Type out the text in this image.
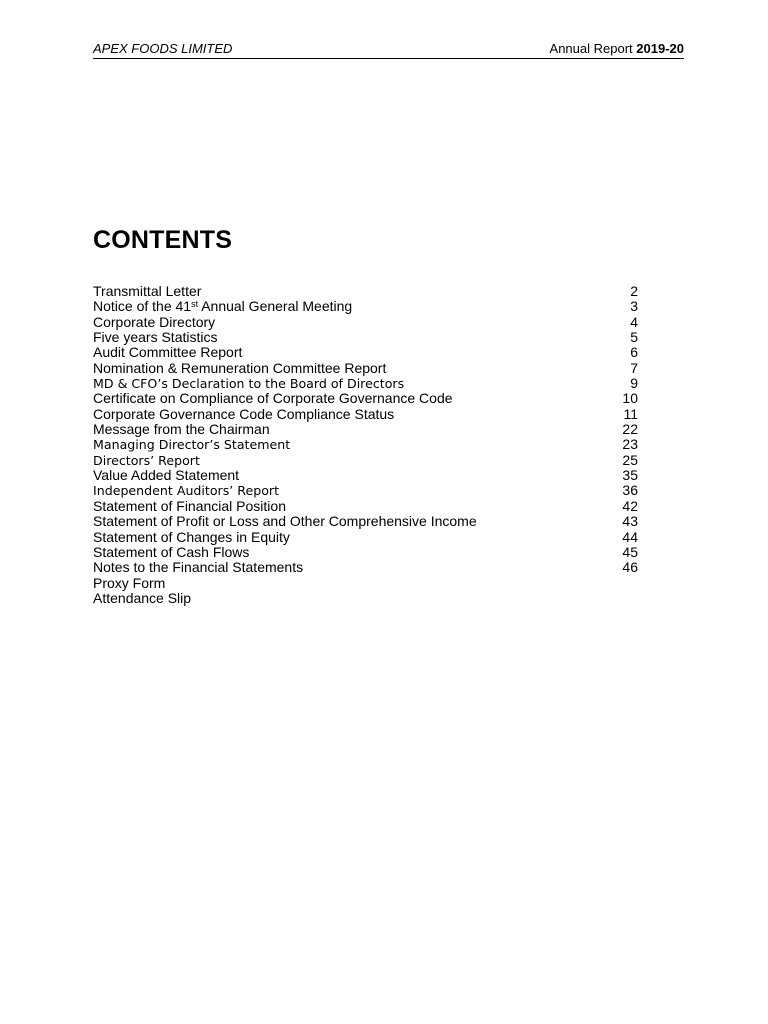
APEX FOODS LIMITED	Annual Report 2019-20
CONTENTS
Transmittal Letter	2
Notice of the 41st Annual General Meeting	3
Corporate Directory	4
Five years Statistics	5
Audit Committee Report	6
Nomination & Remuneration Committee Report	7
MD & CFO’s Declaration to the Board of Directors	9
Certificate on Compliance of Corporate Governance Code	10
Corporate Governance Code Compliance Status	11
Message from the Chairman	22
Managing Director’s Statement	23
Directors’ Report	25
Value Added Statement	35
Independent Auditors’ Report	36
Statement of Financial Position	42
Statement of Profit or Loss and Other Comprehensive Income	43
Statement of Changes in Equity	44
Statement of Cash Flows	45
Notes to the Financial Statements	46
Proxy Form
Attendance Slip
